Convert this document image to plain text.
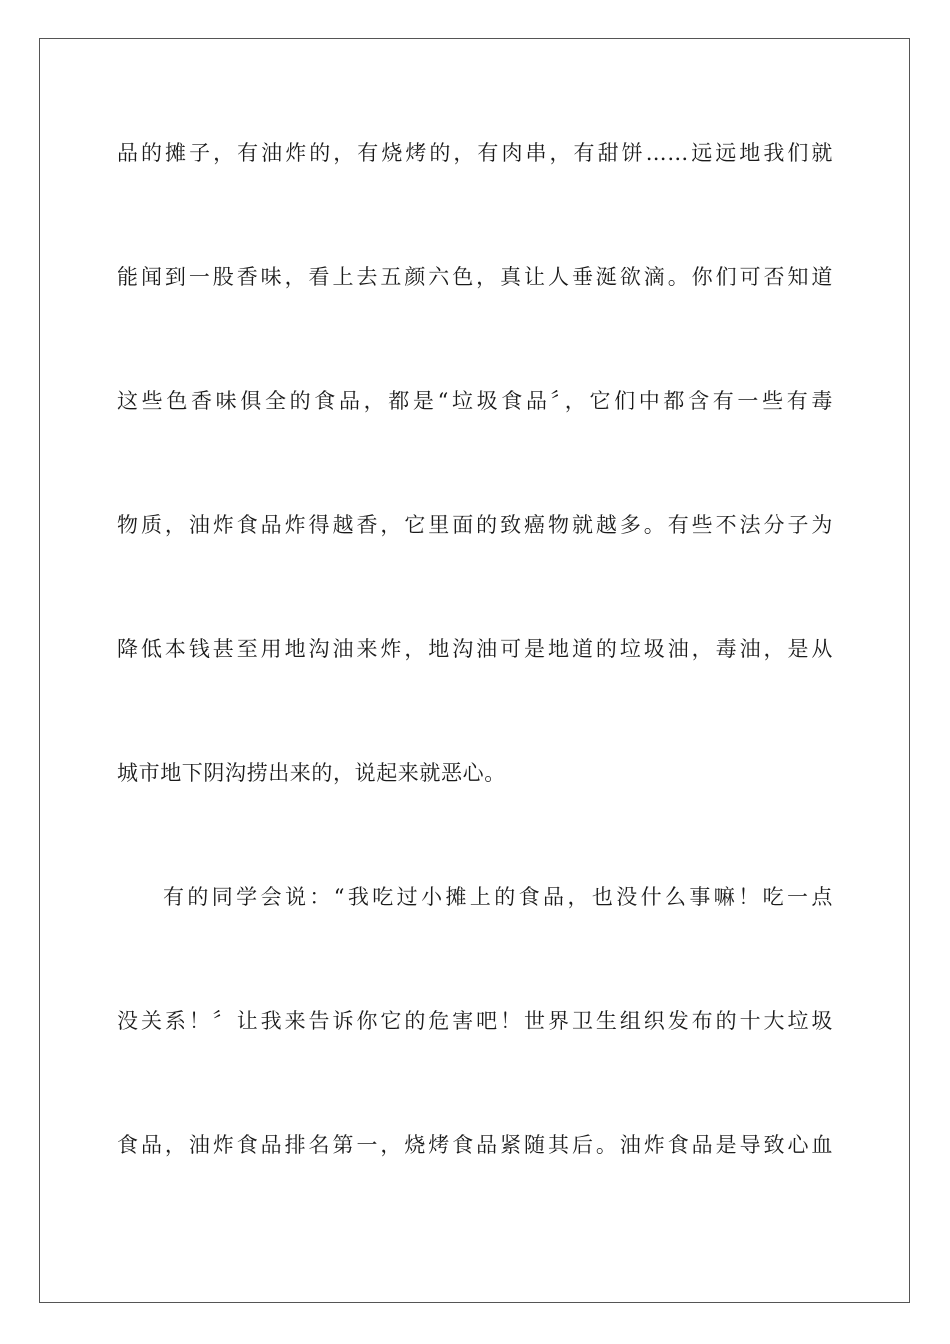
品的摊子，有油炸的，有烧烤的，有肉串，有甜饼……远远地我们就
能闻到一股香味，看上去五颜六色，真让人垂涎欲滴。你们可否知道
这些色香味俱全的食品，都是“垃圾食品〞，它们中都含有一些有毒
物质，油炸食品炸得越香，它里面的致癌物就越多。有些不法分子为
降低本钱甚至用地沟油来炸，地沟油可是地道的垃圾油，毒油，是从
城市地下阴沟捞出来的，说起来就恶心。
有的同学会说：“我吃过小摊上的食品，也没什么事嘛！吃一点
没关系！〞让我来告诉你它的危害吧！世界卫生组织发布的十大垃圾
食品，油炸食品排名第一，烧烤食品紧随其后。油炸食品是导致心血
